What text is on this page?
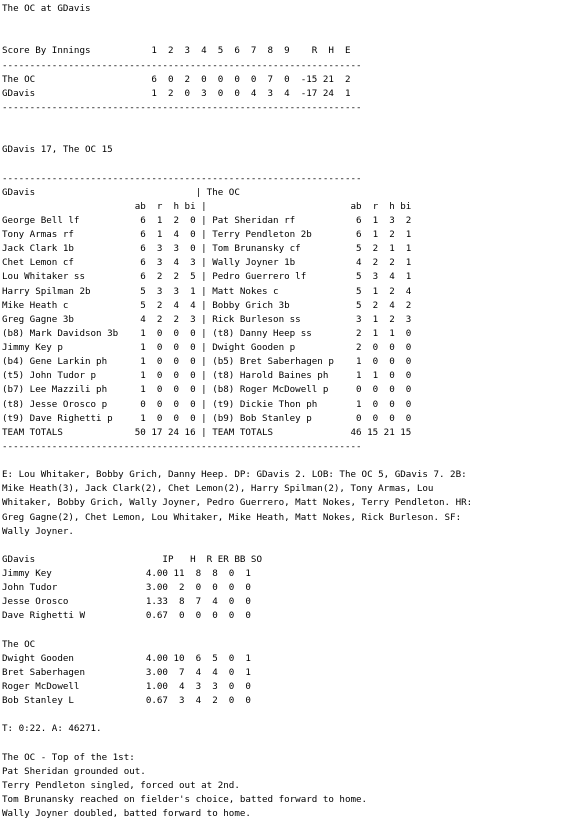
The OC at GDavis

Score By Innings           1  2  3  4  5  6  7  8  9    R  H  E
-----------------------------------------------------------------
The OC                     6  0  2  0  0  0  0  7  0  -15 21  2
GDavis                     1  2  0  3  0  0  4  3  4  -17 24  1
-----------------------------------------------------------------

GDavis 17, The OC 15

-----------------------------------------------------------------
GDavis                             | The OC
ab  r  h bi |                          ab  r  h bi
George Bell lf           6  1  2  0 | Pat Sheridan rf           6  1  3  2
Tony Armas rf            6  1  4  0 | Terry Pendleton 2b        6  1  2  1
Jack Clark 1b            6  3  3  0 | Tom Brunansky cf          5  2  1  1
Chet Lemon cf            6  3  4  3 | Wally Joyner 1b           4  2  2  1
Lou Whitaker ss          6  2  2  5 | Pedro Guerrero lf         5  3  4  1
Harry Spilman 2b         5  3  3  1 | Matt Nokes c              5  1  2  4
Mike Heath c             5  2  4  4 | Bobby Grich 3b            5  2  4  2
Greg Gagne 3b            4  2  2  3 | Rick Burleson ss          3  1  2  3
(b8) Mark Davidson 3b    1  0  0  0 | (t8) Danny Heep ss        2  1  1  0
Jimmy Key p              1  0  0  0 | Dwight Gooden p           2  0  0  0
(b4) Gene Larkin ph      1  0  0  0 | (b5) Bret Saberhagen p    1  0  0  0
(t5) John Tudor p        1  0  0  0 | (t8) Harold Baines ph     1  1  0  0
(b7) Lee Mazzili ph      1  0  0  0 | (b8) Roger McDowell p     0  0  0  0
(t8) Jesse Orosco p      0  0  0  0 | (t9) Dickie Thon ph       1  0  0  0
(t9) Dave Righetti p     1  0  0  0 | (b9) Bob Stanley p        0  0  0  0
TEAM TOTALS             50 17 24 16 | TEAM TOTALS              46 15 21 15
-----------------------------------------------------------------

E: Lou Whitaker, Bobby Grich, Danny Heep. DP: GDavis 2. LOB: The OC 5, GDavis 7. 2B:
Mike Heath(3), Jack Clark(2), Chet Lemon(2), Harry Spilman(2), Tony Armas, Lou
Whitaker, Bobby Grich, Wally Joyner, Pedro Guerrero, Matt Nokes, Terry Pendleton. HR:
Greg Gagne(2), Chet Lemon, Lou Whitaker, Mike Heath, Matt Nokes, Rick Burleson. SF:
Wally Joyner.

GDavis                       IP   H  R ER BB SO
Jimmy Key                 4.00 11  8  8  0  1
John Tudor                3.00  2  0  0  0  0
Jesse Orosco              1.33  8  7  4  0  0
Dave Righetti W           0.67  0  0  0  0  0

The OC
Dwight Gooden             4.00 10  6  5  0  1
Bret Saberhagen           3.00  7  4  4  0  1
Roger McDowell            1.00  4  3  3  0  0
Bob Stanley L             0.67  3  4  2  0  0

T: 0:22. A: 46271.

The OC - Top of the 1st:
Pat Sheridan grounded out.
Terry Pendleton singled, forced out at 2nd.
Tom Brunansky reached on fielder's choice, batted forward to home.
Wally Joyner doubled, batted forward to home.
